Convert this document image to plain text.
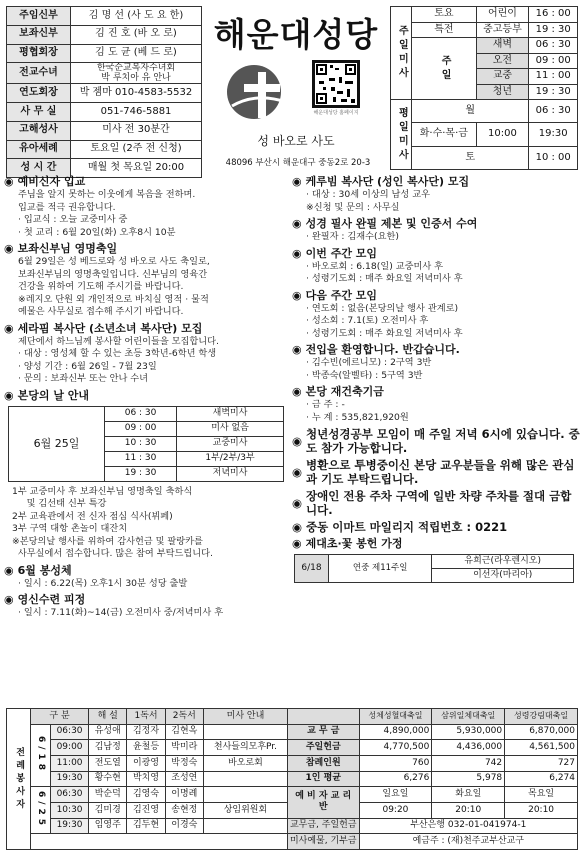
주임신부	김 명 선 (사 도 요 한)
보좌신부	김 진 호 (바 오 로)
평협회장	김 도 균 (베 드 로)
전교수녀	한국순교복자수녀회
박 루치아 유 안나

연도회장	박 젬마 010-4583-5532
사 무 실	051-746-5881
고해성사	미사 전 30분간
유아세례	토요일 (2주 전 신청)
성 시 간	매월 첫 목요일 20:00
해운대성당
해운대성당 홈페이지
성 바오로 사도
48096 부산시 해운대구 중동2로 20-3
주일미사	토요	어린이	16 : 00
	특전	중고등부	19 : 30
	주일	새벽	06 : 30
		오전	09 : 00
		교중	11 : 00
		청년	19 : 30
평일미사	월		06 : 30
	화·수·목·금	10:00	19:30
	토		10 : 00
◉ 예비신자 입교

주님을 알지 못하는 이웃에게 복음을 전하며.

입교를 적극 권유합니다.

· 입교식 : 오늘 교중미사 중

· 첫 교리 : 6월 20일(화) 오후8시 10분

◉ 보좌신부님 영명축일

6월 29일은 성 베드로와 성 바오로 사도 축일로,

보좌신부님의 영명축일입니다. 신부님의 영육간

건강을 위하여 기도해 주시기를 바랍니다.

※레지오 단원 외 개인적으로 바치실 영적 · 물적

예물은 사무실로 접수해 주시기 바랍니다.

◉ 세라핌 복사단 (소년소녀 복사단) 모집

제단에서 하느님께 봉사할 어린이들을 모집합니다.

· 대상 : 영성체 할 수 있는 초등 3학년-6학년 학생

· 양성 기간 : 6월 26일 - 7월 23일

· 문의 : 보좌신부 또는 안나 수녀

◉ 본당의 날 안내
6월 25일	06 : 30	새벽미사
	09 : 00	미사 없음
	10 : 30	교중미사
	11 : 30	1부/2부/3부
	19 : 30	저녁미사
1부 교중미사 후 보좌신부님 영명축일 축하식
및 김선태 신부 특강
2부 교육관에서 전 신자 점심 식사(뷔페)
3부 구역 대항 촌놀이 대잔치
※본당의날 행사를 위하여 감사헌금 및 팔랑카를
사무실에서 접수합니다. 많은 참여 부탁드립니다.
◉ 6월 봉성체

· 일시 : 6.22(목) 오후1시 30분 성당 출발

◉ 영신수련 피정

· 일시 : 7.11(화)~14(금) 오전미사 중/저녁미사 후

◉ 케루빔 복사단 (성인 복사단) 모집

· 대상 : 30세 이상의 남성 교우

※신청 및 문의 : 사무실

◉ 성경 필사 완필 제본 및 인증서 수여

· 완필자 : 김재수(요한)

◉ 이번 주간 모임

· 바오로회 : 6.18(일) 교중미사 후

· 성령기도회 : 매주 화요일 저녁미사 후

◉ 다음 주간 모임

· 연도회 : 없음(본당의날 행사 관계로)

· 성소회 : 7.1(토) 오전미사 후

· 성령기도회 : 매주 화요일 저녁미사 후

◉ 전입을 환영합니다. 반갑습니다.

· 김수빈(에르니모) : 2구역 3반

· 박종숙(알벨타) : 5구역 3반

◉ 본당 재건축기금

· 금 주 : -

· 누 계 : 535,821,920원

◉ 청년성경공부 모임이 매 주일 저녁 6시에 있습니다. 중도 참가 가능합니다.
◉ 병환으로 투병중이신 본당 교우분들을 위해 많은 관심과 기도 부탁드립니다.
◉ 장애인 전용 주차 구역에 일반 차량 주차를 절대 금합니다.
◉ 중동 이마트 마일리지 적립번호 : 0221
◉ 제대초·꽃 봉헌 가정
6/18	연중 제11주일	유희근(라우렌시오)
이선자(마리아)
전례봉사자	구 분		해 설	1독서	2독서	미사 안내		성체성혈대축일	삼위일체대축일	성령강림대축일
	6/18	06:30	유성애	김정자	김현옥		교 무 금	4,890,000	5,930,000	6,870,000
		09:00	김남정	윤철등	박미라	천사들의모후Pr.	주일헌금	4,770,500	4,436,000	4,561,500
		11:00	전도열	이광영	박정숙	바오로회	참례인원	760	742	727
		19:30	황수현	박치영	조성연		1인 평균	6,276	5,978	6,274
	6/25	06:30	박순덕	김영숙	이명례		예 비 자 교 리 반	일요일	화요일	목요일
		10:30	김미경	김진영	송현정	상임위원회		09:20	20:10	20:10
		19:30	임영주	김두현	이경숙		교무금, 주일헌금	부산은행 032-01-041974-1		
							미사예물, 기부금	예금주 : (재)천주교부산교구		
